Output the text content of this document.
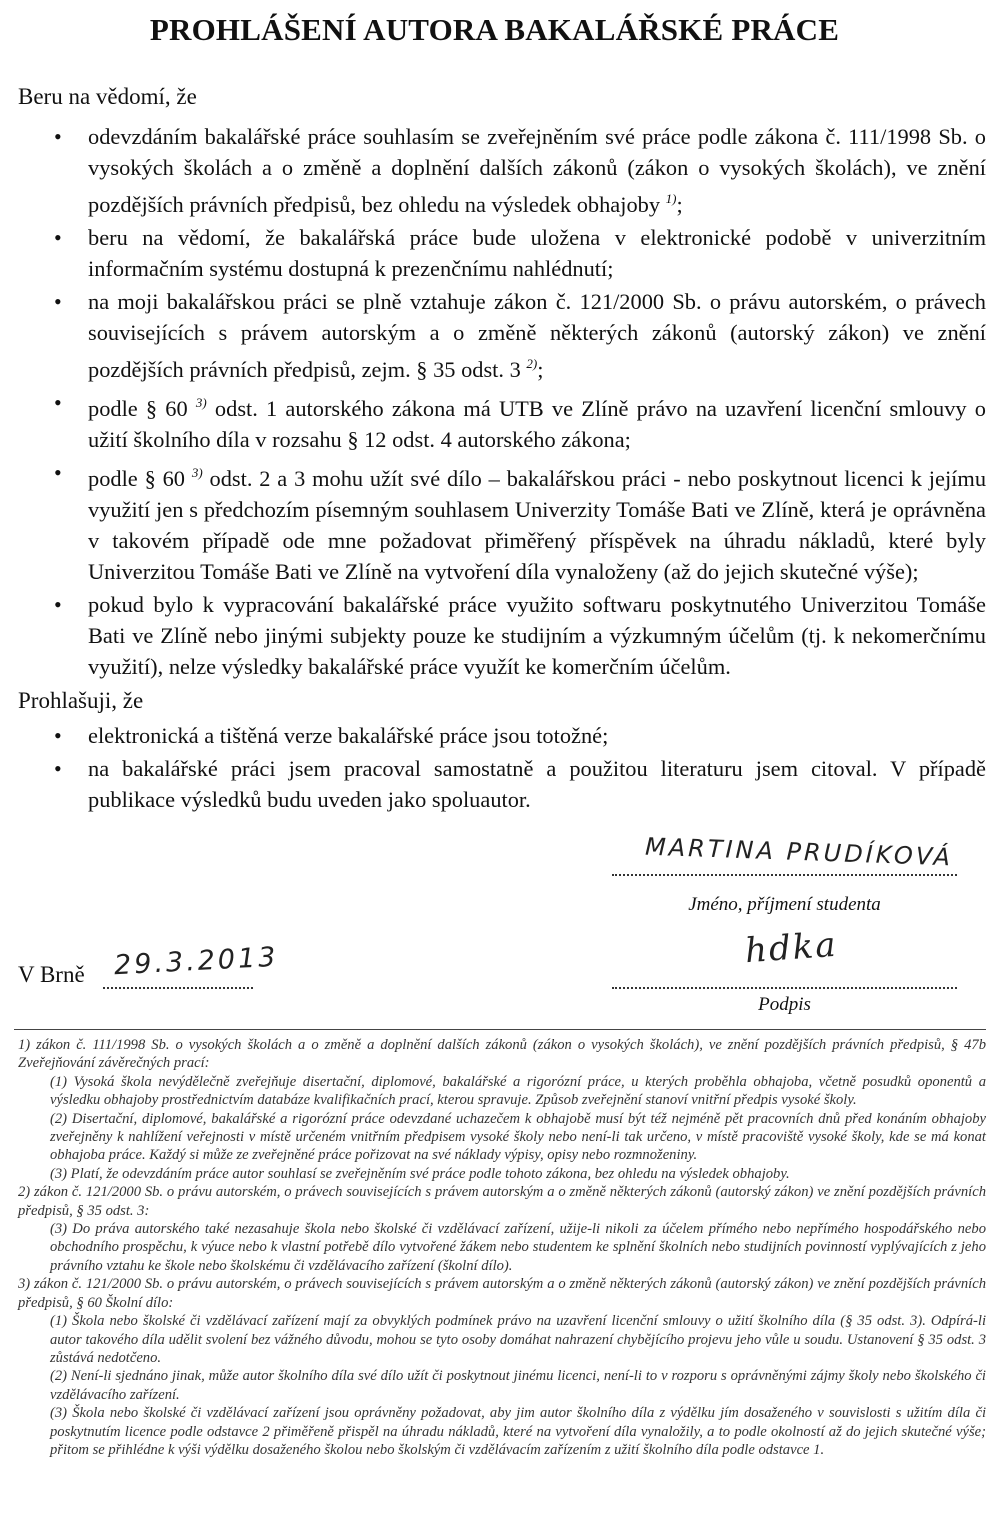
PROHLÁŠENÍ AUTORA BAKALÁŘSKÉ PRÁCE
Beru na vědomí, že
• odevzdáním bakalářské práce souhlasím se zveřejněním své práce podle zákona č. 111/1998 Sb. o vysokých školách a o změně a doplnění dalších zákonů (zákon o vysokých školách), ve znění pozdějších právních předpisů, bez ohledu na výsledek obhajoby $^{1)}$;
• beru na vědomí, že bakalářská práce bude uložena v elektronické podobě v univerzitním informačním systému dostupná k prezenčnímu nahlédnutí;
• na moji bakalářskou práci se plně vztahuje zákon č. 121/2000 Sb. o právu autorském, o právech souvisejících s právem autorským a o změně některých zákonů (autorský zákon) ve znění pozdějších právních předpisů, zejm. § 35 odst. 3 $^{2)}$;
• podle § 60 $^{3)}$ odst. 1 autorského zákona má UTB ve Zlíně právo na uzavření licenční smlouvy o užití školního díla v rozsahu § 12 odst. 4 autorského zákona;
• podle § 60 $^{3)}$ odst. 2 a 3 mohu užít své dílo – bakalářskou práci - nebo poskytnout licenci k jejímu využití jen s předchozím písemným souhlasem Univerzity Tomáše Bati ve Zlíně, která je oprávněna v takovém případě ode mne požadovat přiměřený příspěvek na úhradu nákladů, které byly Univerzitou Tomáše Bati ve Zlíně na vytvoření díla vynaloženy (až do jejich skutečné výše);
• pokud bylo k vypracování bakalářské práce využito softwaru poskytnutého Univerzitou Tomáše Bati ve Zlíně nebo jinými subjekty pouze ke studijním a výzkumným účelům (tj. k nekomerčnímu využití), nelze výsledky bakalářské práce využít ke komerčním účelům.
Prohlašuji, že
• elektronická a tištěná verze bakalářské práce jsou totožné;
• na bakalářské práci jsem pracoval samostatně a použitou literaturu jsem citoval. V případě publikace výsledků budu uveden jako spoluautor.
MARTINA PRUDÍKOVÁ
Jméno, příjmení studenta
hdka
Podpis
V Brně 29.3.2013

1) zákon č. 111/1998 Sb. o vysokých školách a o změně a doplnění dalších zákonů (zákon o vysokých školách), ve znění pozdějších právních předpisů, § 47b Zveřejňování závěrečných prací:

(1) Vysoká škola nevýdělečně zveřejňuje disertační, diplomové, bakalářské a rigorózní práce, u kterých proběhla obhajoba, včetně posudků oponentů a výsledku obhajoby prostřednictvím databáze kvalifikačních prací, kterou spravuje. Způsob zveřejnění stanoví vnitřní předpis vysoké školy.

(2) Disertační, diplomové, bakalářské a rigorózní práce odevzdané uchazečem k obhajobě musí být též nejméně pět pracovních dnů před konáním obhajoby zveřejněny k nahlížení veřejnosti v místě určeném vnitřním předpisem vysoké školy nebo není-li tak určeno, v místě pracoviště vysoké školy, kde se má konat obhajoba práce. Každý si může ze zveřejněné práce pořizovat na své náklady výpisy, opisy nebo rozmnoženiny.

(3) Platí, že odevzdáním práce autor souhlasí se zveřejněním své práce podle tohoto zákona, bez ohledu na výsledek obhajoby.

2) zákon č. 121/2000 Sb. o právu autorském, o právech souvisejících s právem autorským a o změně některých zákonů (autorský zákon) ve znění pozdějších právních předpisů, § 35 odst. 3:

(3) Do práva autorského také nezasahuje škola nebo školské či vzdělávací zařízení, užije-li nikoli za účelem přímého nebo nepřímého hospodářského nebo obchodního prospěchu, k výuce nebo k vlastní potřebě dílo vytvořené žákem nebo studentem ke splnění školních nebo studijních povinností vyplývajících z jeho právního vztahu ke škole nebo školskému či vzdělávacího zařízení (školní dílo).

3) zákon č. 121/2000 Sb. o právu autorském, o právech souvisejících s právem autorským a o změně některých zákonů (autorský zákon) ve znění pozdějších právních předpisů, § 60 Školní dílo:

(1) Škola nebo školské či vzdělávací zařízení mají za obvyklých podmínek právo na uzavření licenční smlouvy o užití školního díla (§ 35 odst. 3). Odpírá-li autor takového díla udělit svolení bez vážného důvodu, mohou se tyto osoby domáhat nahrazení chybějícího projevu jeho vůle u soudu. Ustanovení § 35 odst. 3 zůstává nedotčeno.

(2) Není-li sjednáno jinak, může autor školního díla své dílo užít či poskytnout jinému licenci, není-li to v rozporu s oprávněnými zájmy školy nebo školského či vzdělávacího zařízení.

(3) Škola nebo školské či vzdělávací zařízení jsou oprávněny požadovat, aby jim autor školního díla z výdělku jím dosaženého v souvislosti s užitím díla či poskytnutím licence podle odstavce 2 přiměřeně přispěl na úhradu nákladů, které na vytvoření díla vynaložily, a to podle okolností až do jejich skutečné výše; přitom se přihlédne k výši výdělku dosaženého školou nebo školským či vzdělávacím zařízením z užití školního díla podle odstavce 1.
